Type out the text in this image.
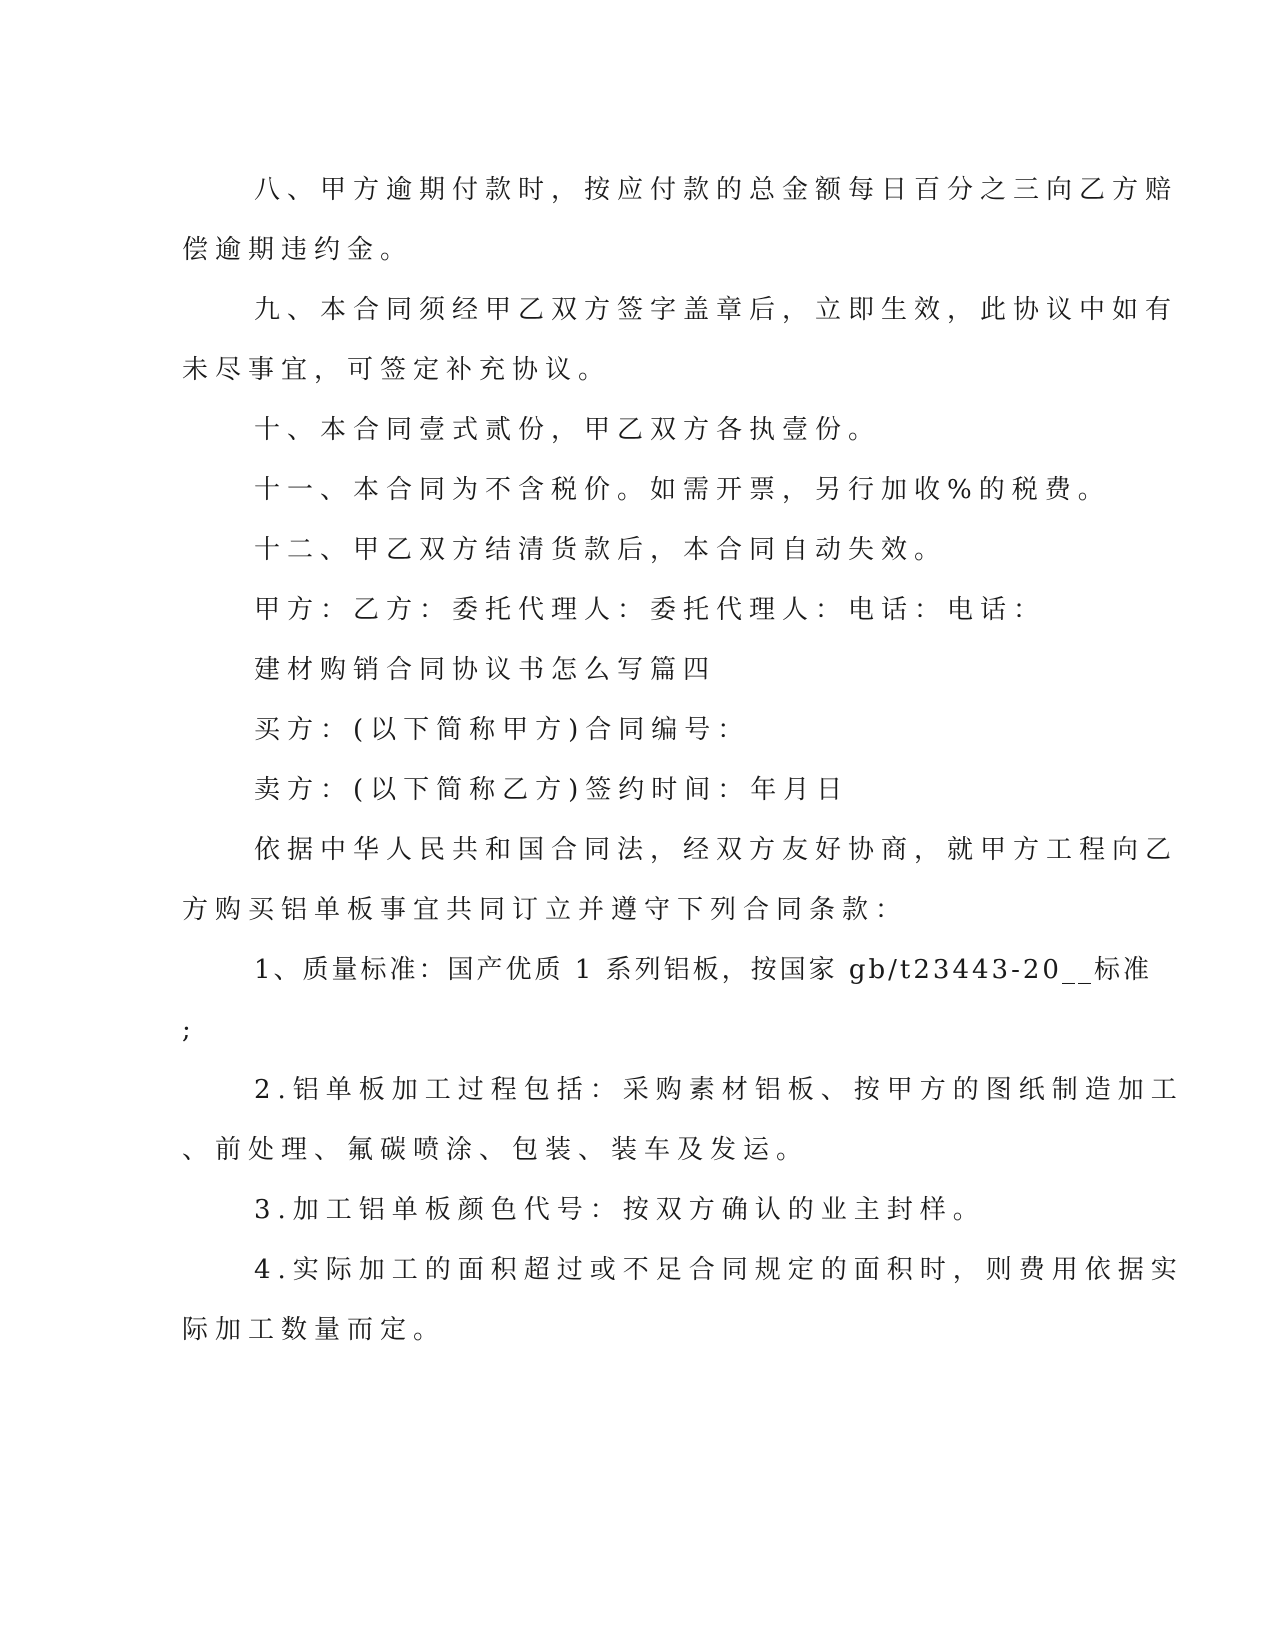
八、甲方逾期付款时，按应付款的总金额每日百分之三向乙方赔
偿逾期违约金。
九、本合同须经甲乙双方签字盖章后，立即生效，此协议中如有
未尽事宜，可签定补充协议。
十、本合同壹式贰份，甲乙双方各执壹份。
十一、本合同为不含税价。如需开票，另行加收%的税费。
十二、甲乙双方结清货款后，本合同自动失效。
甲方：乙方：委托代理人：委托代理人：电话：电话：
建材购销合同协议书怎么写篇四
买方：(以下简称甲方)合同编号：
卖方：(以下简称乙方)签约时间：年月日
依据中华人民共和国合同法，经双方友好协商，就甲方工程向乙
方购买铝单板事宜共同订立并遵守下列合同条款：
1、质量标准：国产优质 1 系列铝板，按国家 gb/t23443-20__标准
;
2.铝单板加工过程包括：采购素材铝板、按甲方的图纸制造加工
、前处理、氟碳喷涂、包装、装车及发运。
3.加工铝单板颜色代号：按双方确认的业主封样。
4.实际加工的面积超过或不足合同规定的面积时，则费用依据实
际加工数量而定。
